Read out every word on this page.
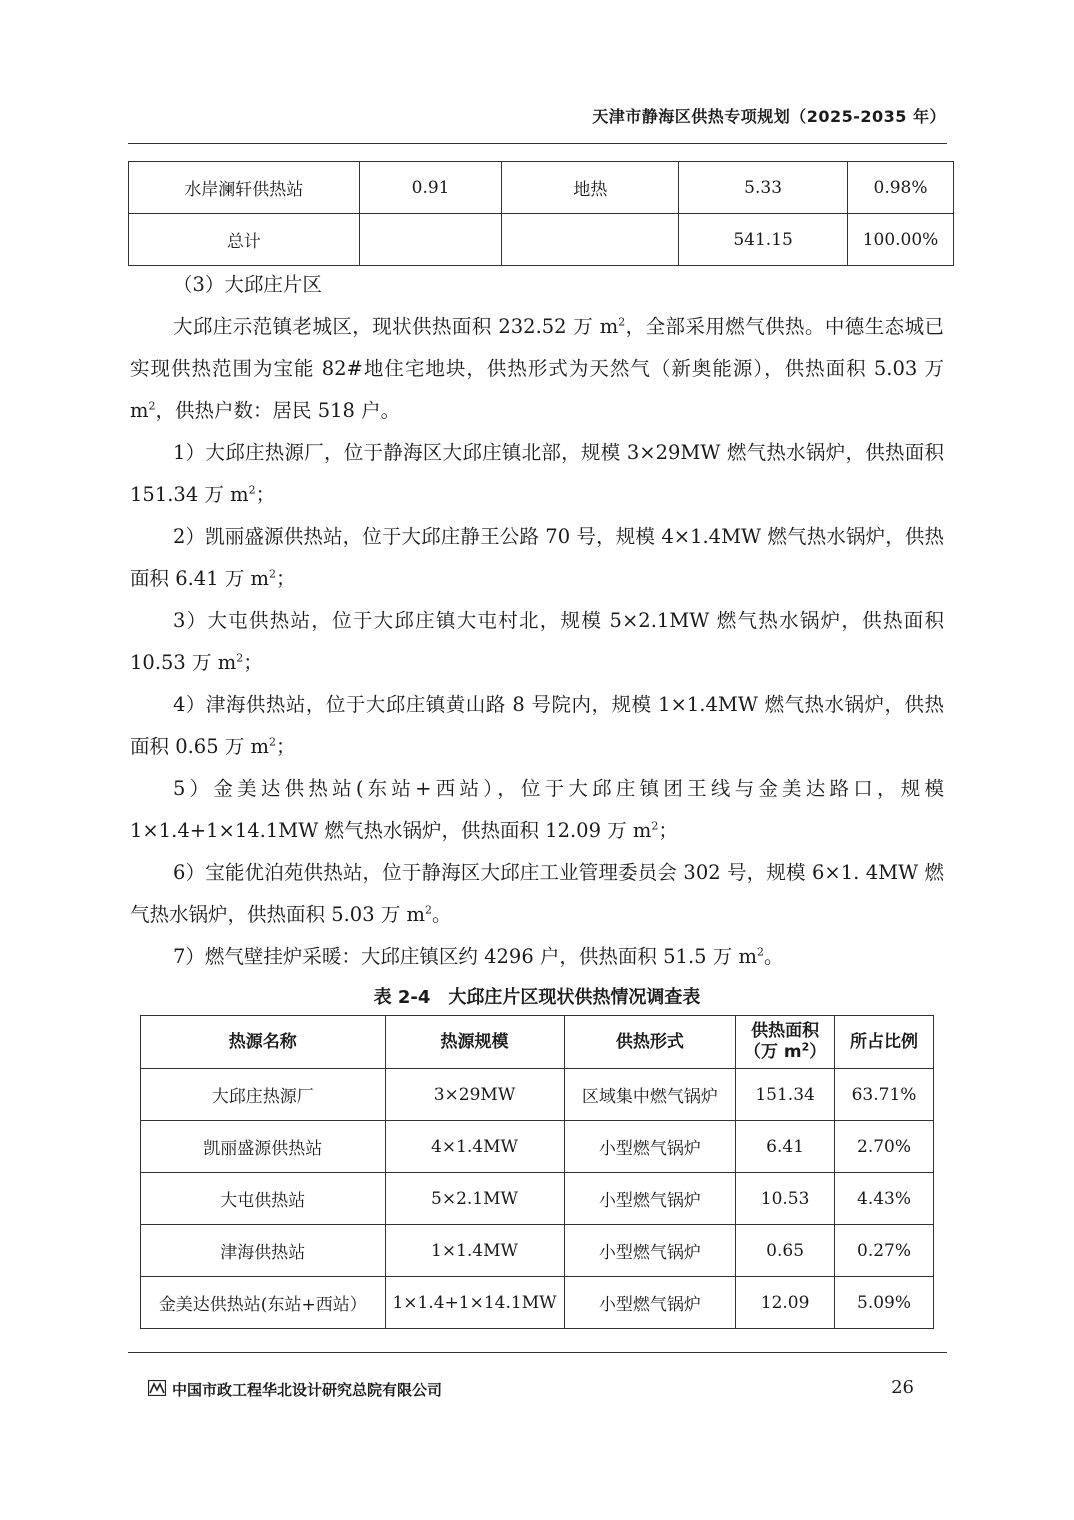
天津市静海区供热专项规划（2025-2035 年）
水岸澜轩供热站	0.91	地热	5.33	0.98%
总计			541.15	100.00%

（3）大邱庄片区

大邱庄示范镇老城区，现状供热面积 232.52 万 $m^2$，全部采用燃气供热。中德生态城已实现供热范围为宝能 82#地住宅地块，供热形式为天然气（新奥能源），供热面积 5.03 万 $m^2$，供热户数：居民 518 户。

1）大邱庄热源厂，位于静海区大邱庄镇北部，规模 3×29MW 燃气热水锅炉，供热面积 151.34 万 $m^2$；

2）凯丽盛源供热站，位于大邱庄静王公路 70 号，规模 4×1.4MW 燃气热水锅炉，供热面积 6.41 万 $m^2$；

3）大屯供热站，位于大邱庄镇大屯村北，规模 5×2.1MW 燃气热水锅炉，供热面积 10.53 万 $m^2$；

4）津海供热站，位于大邱庄镇黄山路 8 号院内，规模 1×1.4MW 燃气热水锅炉，供热面积 0.65 万 $m^2$；

5）金美达供热站(东站+西站），位于大邱庄镇团王线与金美达路口，规模 1×1.4+1×14.1MW 燃气热水锅炉，供热面积 12.09 万 $m^2$；

6）宝能优泊苑供热站，位于静海区大邱庄工业管理委员会 302 号，规模 6×1. 4MW 燃气热水锅炉，供热面积 5.03 万 $m^2$。

7）燃气壁挂炉采暖：大邱庄镇区约 4296 户，供热面积 51.5 万 $m^2$。

表 2-4　大邱庄片区现状供热情况调查表
热源名称	热源规模	供热形式	供热面积
（万 $m^2$）	所占比例
大邱庄热源厂	3×29MW	区域集中燃气锅炉	151.34	63.71%
凯丽盛源供热站	4×1.4MW	小型燃气锅炉	6.41	2.70%
大屯供热站	5×2.1MW	小型燃气锅炉	10.53	4.43%
津海供热站	1×1.4MW	小型燃气锅炉	0.65	0.27%
金美达供热站(东站+西站）	1×1.4+1×14.1MW	小型燃气锅炉	12.09	5.09%
中国市政工程华北设计研究总院有限公司	26
